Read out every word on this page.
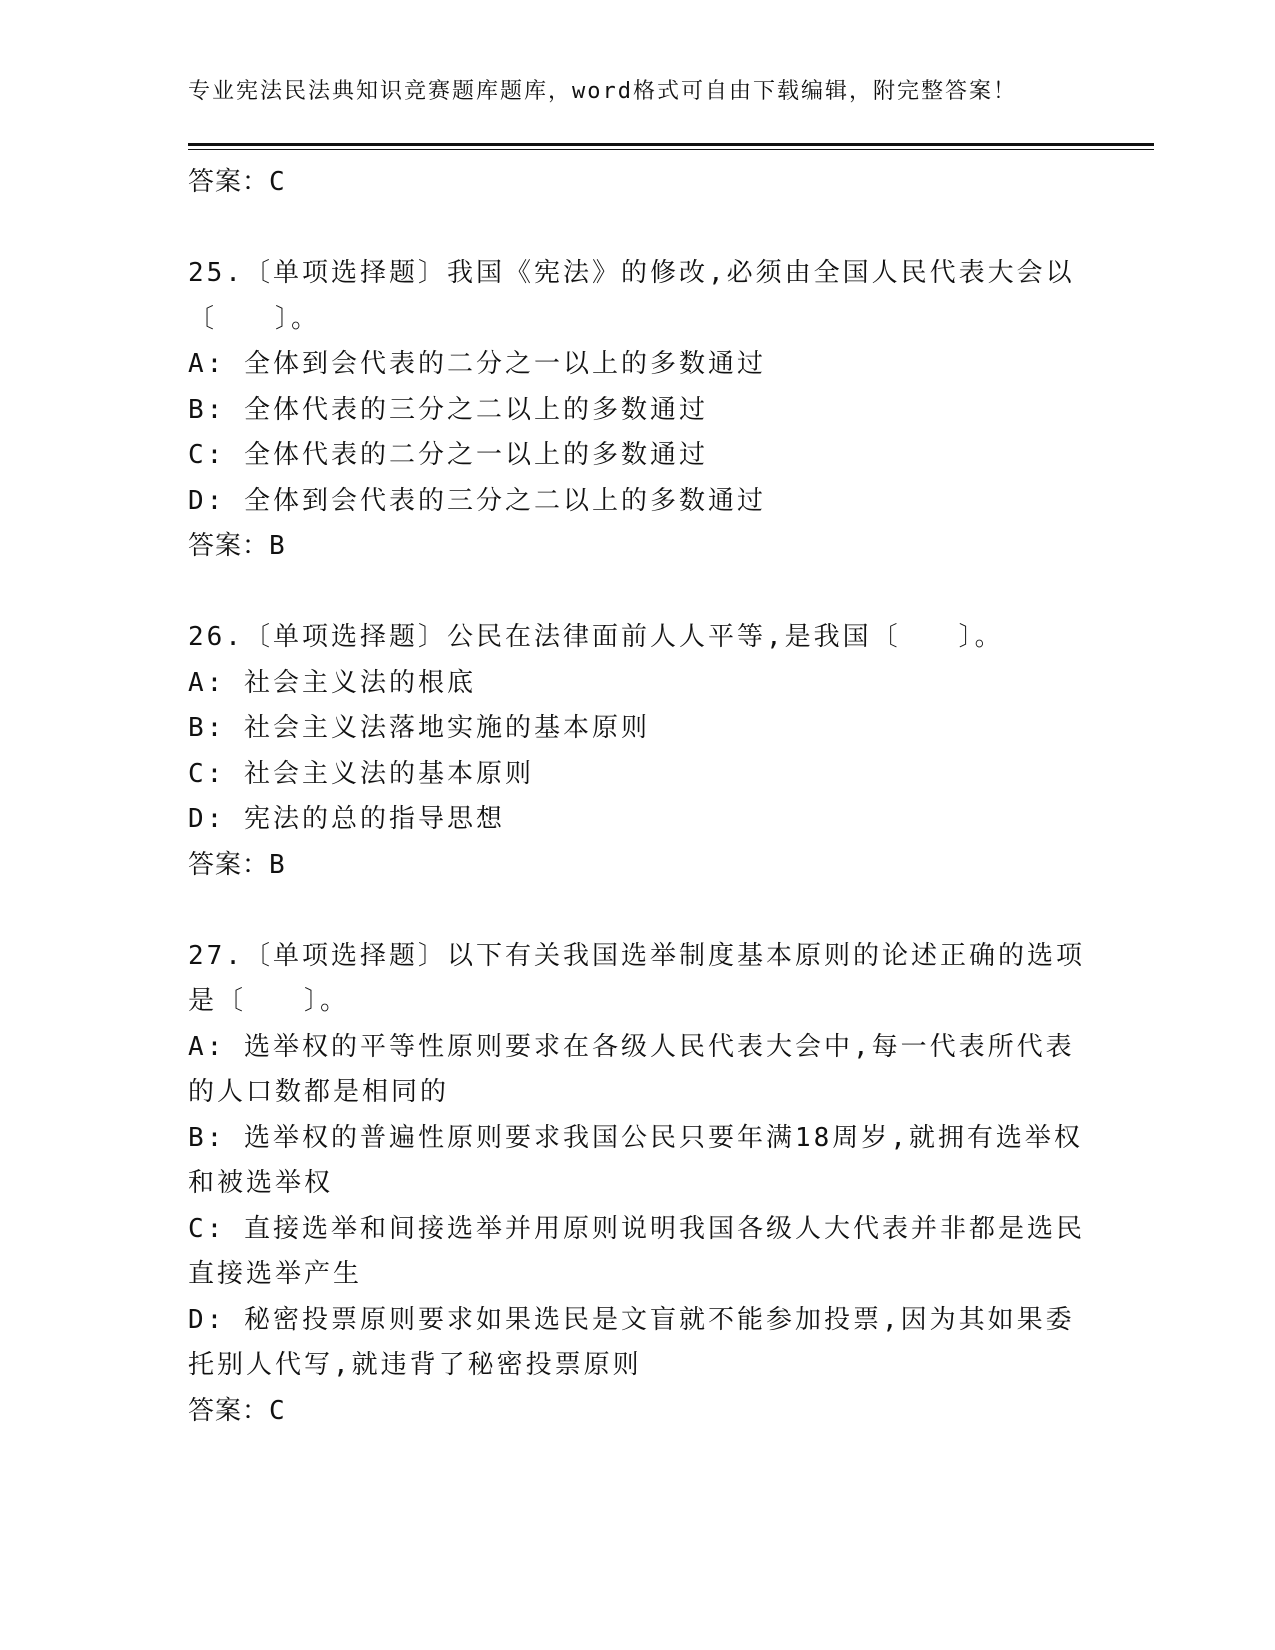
专业宪法民法典知识竞赛题库题库，word格式可自由下载编辑，附完整答案！
答案：C
25.〔单项选择题〕我国《宪法》的修改,必须由全国人民代表大会以
〔　　〕。
A: 全体到会代表的二分之一以上的多数通过
B: 全体代表的三分之二以上的多数通过
C: 全体代表的二分之一以上的多数通过
D: 全体到会代表的三分之二以上的多数通过
答案：B
26.〔单项选择题〕公民在法律面前人人平等,是我国〔　　〕。
A: 社会主义法的根底
B: 社会主义法落地实施的基本原则
C: 社会主义法的基本原则
D: 宪法的总的指导思想
答案：B
27.〔单项选择题〕以下有关我国选举制度基本原则的论述正确的选项
是〔　　〕。
A: 选举权的平等性原则要求在各级人民代表大会中,每一代表所代表
的人口数都是相同的
B: 选举权的普遍性原则要求我国公民只要年满18周岁,就拥有选举权
和被选举权
C: 直接选举和间接选举并用原则说明我国各级人大代表并非都是选民
直接选举产生
D: 秘密投票原则要求如果选民是文盲就不能参加投票,因为其如果委
托别人代写,就违背了秘密投票原则
答案：C
